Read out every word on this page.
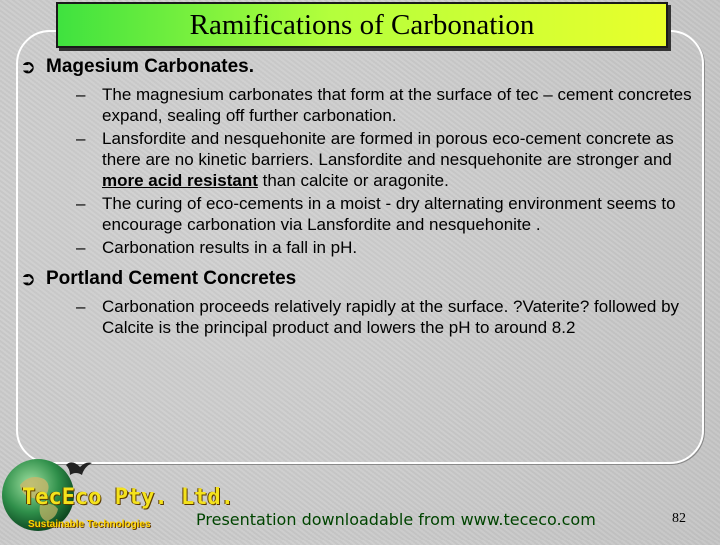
Ramifications of Carbonation
➲ Magesium Carbonates.
– The magnesium carbonates that form at the surface of tec – cement concretes expand, sealing off further carbonation.
– Lansfordite and nesquehonite are formed in porous eco-cement concrete as there are no kinetic barriers. Lansfordite and nesquehonite are stronger and more acid resistant than calcite or aragonite.
– The curing of eco-cements in a moist - dry alternating environment seems to encourage carbonation via Lansfordite and nesquehonite .
– Carbonation results in a fall in pH.
➲ Portland Cement Concretes
– Carbonation proceeds relatively rapidly at the surface. ?Vaterite? followed by Calcite is the principal product and lowers the pH to around 8.2
TecEco Pty. Ltd.
Sustainable Technologies	Presentation downloadable from www.tececo.com	82
